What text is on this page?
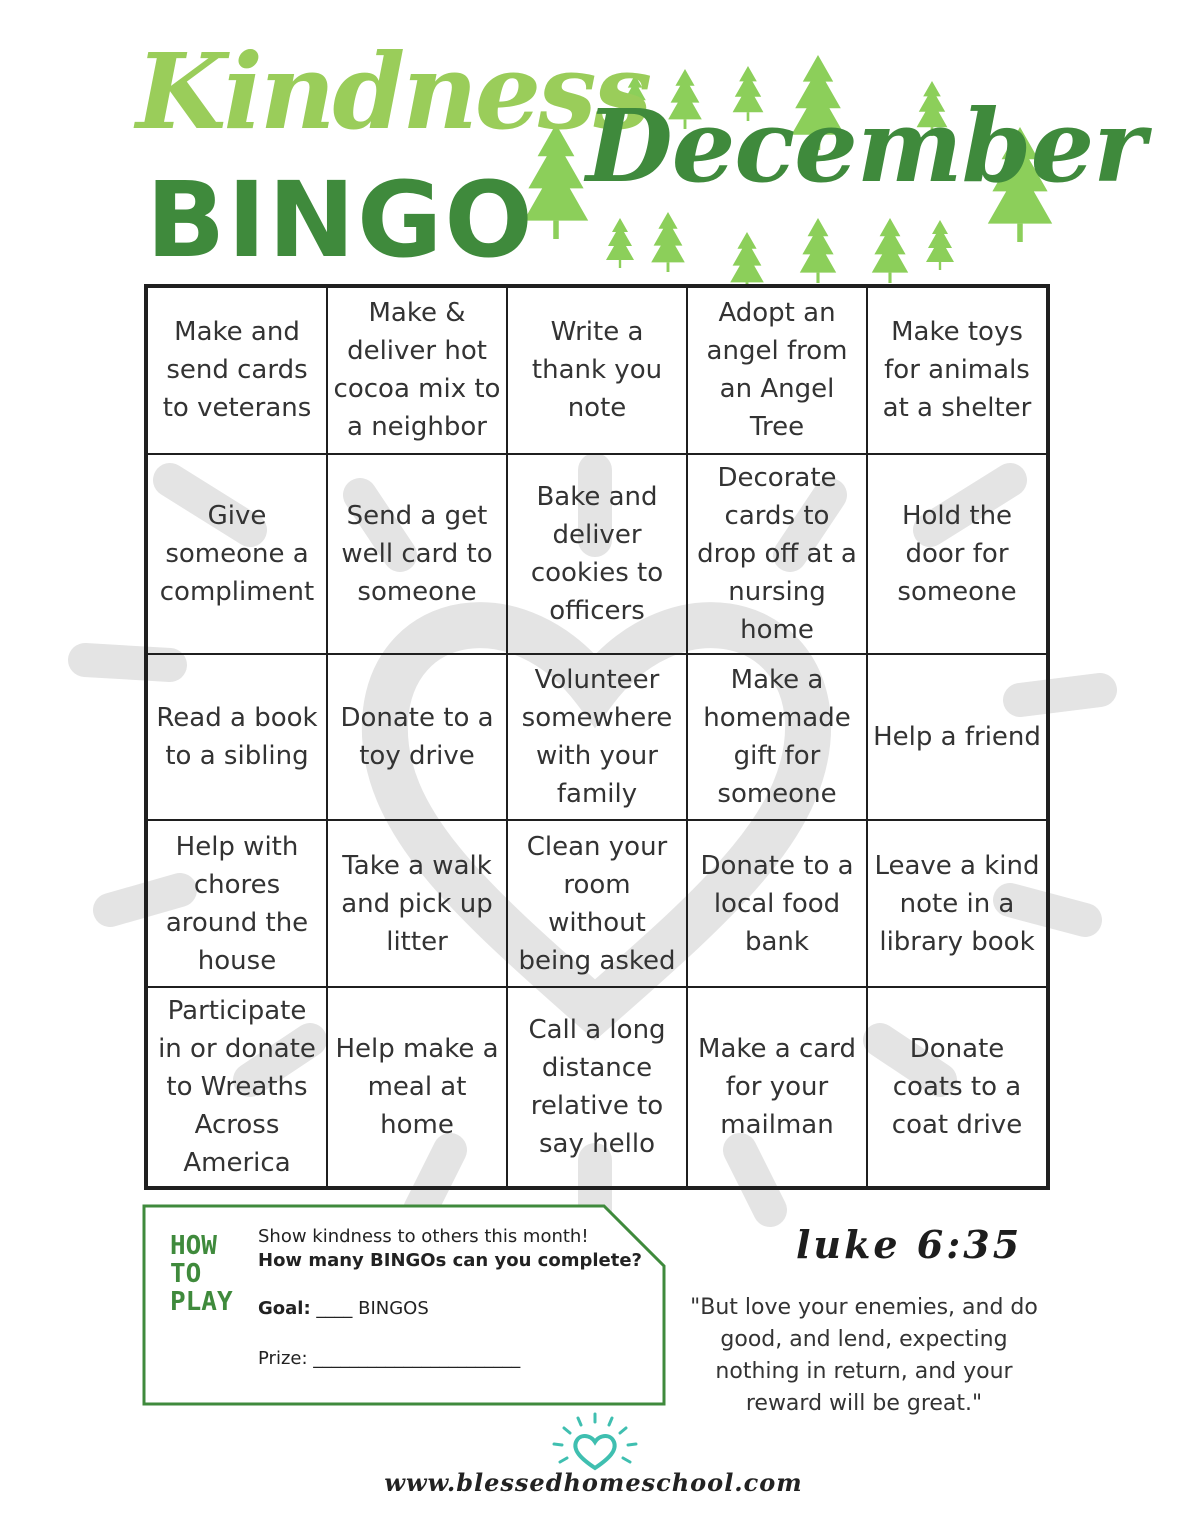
Kindness
BINGO
December
Make and send cards to veterans
Make & deliver hot cocoa mix to a neighbor
Write a thank you note
Adopt an angel from an Angel Tree
Make toys for animals at a shelter
Give someone a compliment
Send a get well card to someone
Bake and deliver cookies to officers
Decorate cards to drop off at a nursing home
Hold the door for someone
Read a book to a sibling
Donate to a toy drive
Volunteer somewhere with your family
Make a homemade gift for someone
Help a friend
Help with chores around the house
Take a walk and pick up litter
Clean your room without being asked
Donate to a local food bank
Leave a kind note in a library book
Participate in or donate to Wreaths Across America
Help make a meal at home
Call a long distance relative to say hello
Make a card for your mailman
Donate coats to a coat drive
HOW TO PLAY
Show kindness to others this month!
How many BINGOs can you complete?
Goal: ____ BINGOS
Prize: _______________________
luke 6:35

"But love your enemies, and do good, and lend, expecting nothing in return, and your reward will be great."

www.blessedhomeschool.com
